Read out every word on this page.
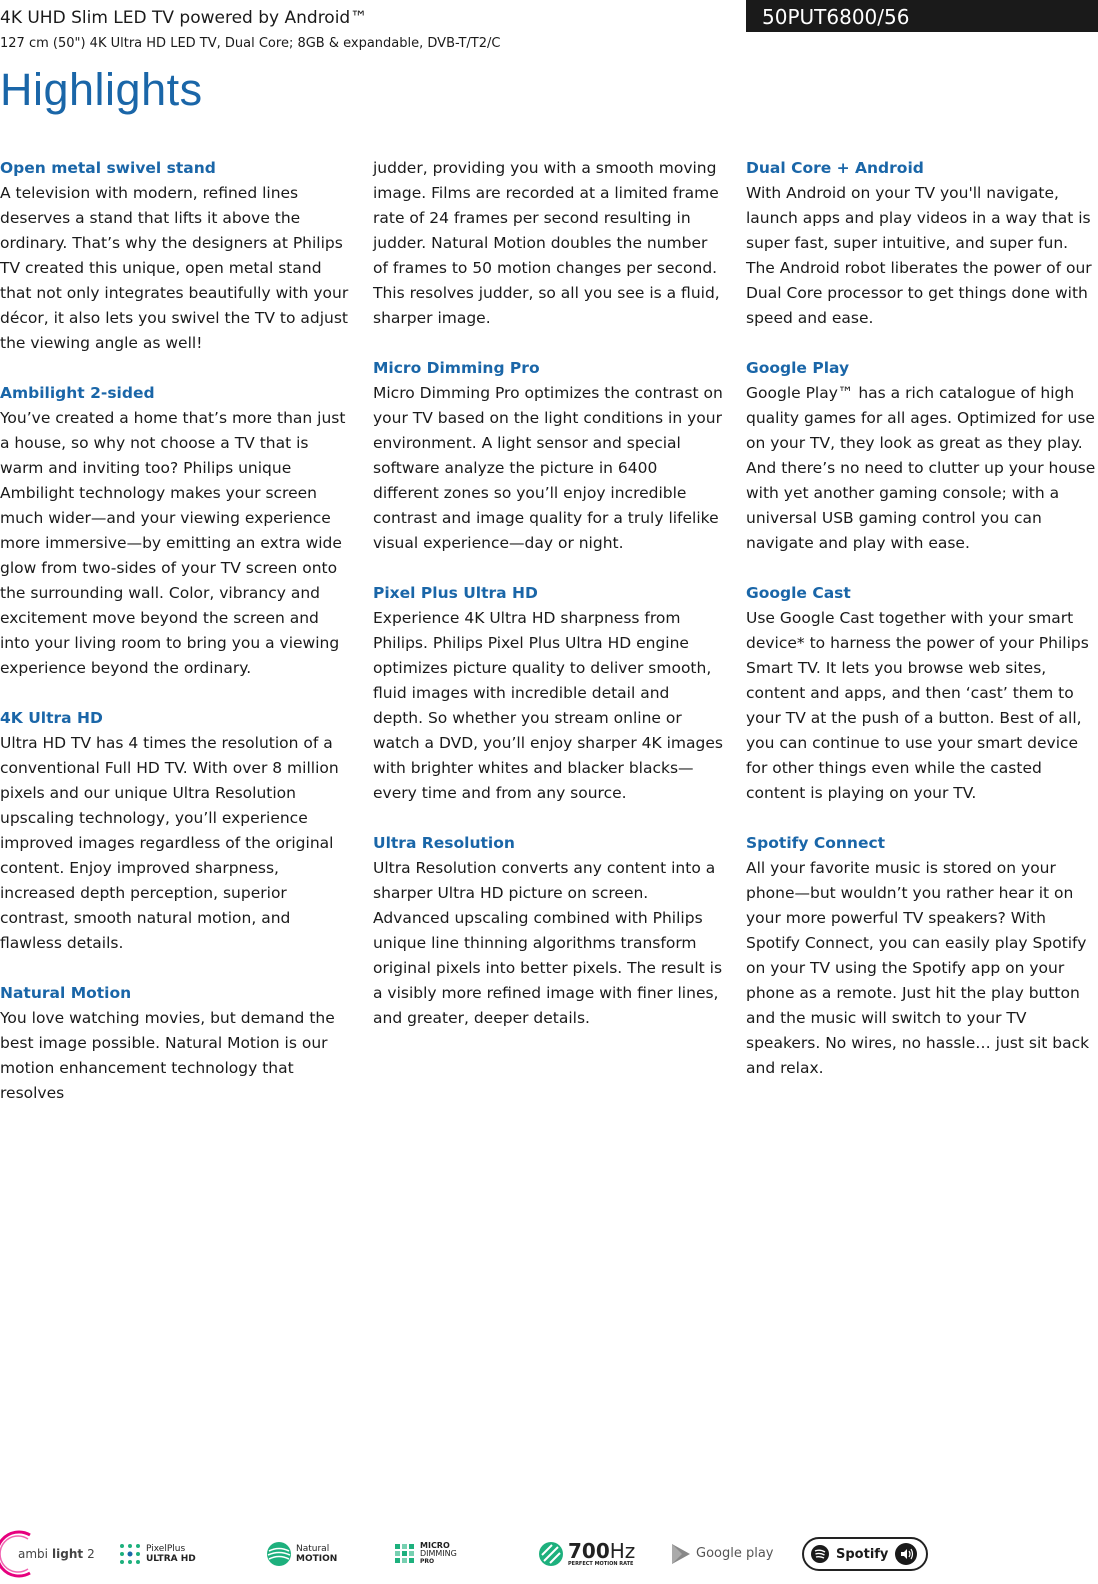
4K UHD Slim LED TV powered by Android™
127 cm (50") 4K Ultra HD LED TV, Dual Core; 8GB & expandable, DVB-T/T2/C
50PUT6800/56
Highlights

Open metal swivel stand

A television with modern, refined lines deserves a stand that lifts it above the ordinary. That’s why the designers at Philips TV created this unique, open metal stand that not only integrates beautifully with your décor, it also lets you swivel the TV to adjust the viewing angle as well!

Ambilight 2-sided

You’ve created a home that’s more than just a house, so why not choose a TV that is warm and inviting too? Philips unique Ambilight technology makes your screen much wider—and your viewing experience more immersive—by emitting an extra wide glow from two-sides of your TV screen onto the surrounding wall. Color, vibrancy and excitement move beyond the screen and into your living room to bring you a viewing experience beyond the ordinary.

4K Ultra HD

Ultra HD TV has 4 times the resolution of a conventional Full HD TV. With over 8 million pixels and our unique Ultra Resolution upscaling technology, you’ll experience improved images regardless of the original content. Enjoy improved sharpness, increased depth perception, superior contrast, smooth natural motion, and flawless details.

Natural Motion

You love watching movies, but demand the best image possible. Natural Motion is our motion enhancement technology that resolves

judder, providing you with a smooth moving image. Films are recorded at a limited frame rate of 24 frames per second resulting in judder. Natural Motion doubles the number of frames to 50 motion changes per second. This resolves judder, so all you see is a fluid, sharper image.

Micro Dimming Pro

Micro Dimming Pro optimizes the contrast on your TV based on the light conditions in your environment. A light sensor and special software analyze the picture in 6400 different zones so you’ll enjoy incredible contrast and image quality for a truly lifelike visual experience—day or night.

Pixel Plus Ultra HD

Experience 4K Ultra HD sharpness from Philips. Philips Pixel Plus Ultra HD engine optimizes picture quality to deliver smooth, fluid images with incredible detail and depth. So whether you stream online or watch a DVD, you’ll enjoy sharper 4K images with brighter whites and blacker blacks—every time and from any source.

Ultra Resolution

Ultra Resolution converts any content into a sharper Ultra HD picture on screen. Advanced upscaling combined with Philips unique line thinning algorithms transform original pixels into better pixels. The result is a visibly more refined image with finer lines, and greater, deeper details.

Dual Core + Android

With Android on your TV you'll navigate, launch apps and play videos in a way that is super fast, super intuitive, and super fun. The Android robot liberates the power of our Dual Core processor to get things done with speed and ease.

Google Play

Google Play™ has a rich catalogue of high quality games for all ages. Optimized for use on your TV, they look as great as they play. And there’s no need to clutter up your house with yet another gaming console; with a universal USB gaming control you can navigate and play with ease.

Google Cast

Use Google Cast together with your smart device* to harness the power of your Philips Smart TV. It lets you browse web sites, content and apps, and then ‘cast’ them to your TV at the push of a button. Best of all, you can continue to use your smart device for other things even while the casted content is playing on your TV.

Spotify Connect

All your favorite music is stored on your phone—but wouldn’t you rather hear it on your more powerful TV speakers? With Spotify Connect, you can easily play Spotify on your TV using the Spotify app on your phone as a remote. Just hit the play button and the music will switch to your TV speakers. No wires, no hassle… just sit back and relax.

ambi light 2	PixelPlus
ULTRA HD
Natural
MOTION
MICRO
DIMMING
PRO	700Hz
PERFECT MOTION RATE
Google play	Spotify
